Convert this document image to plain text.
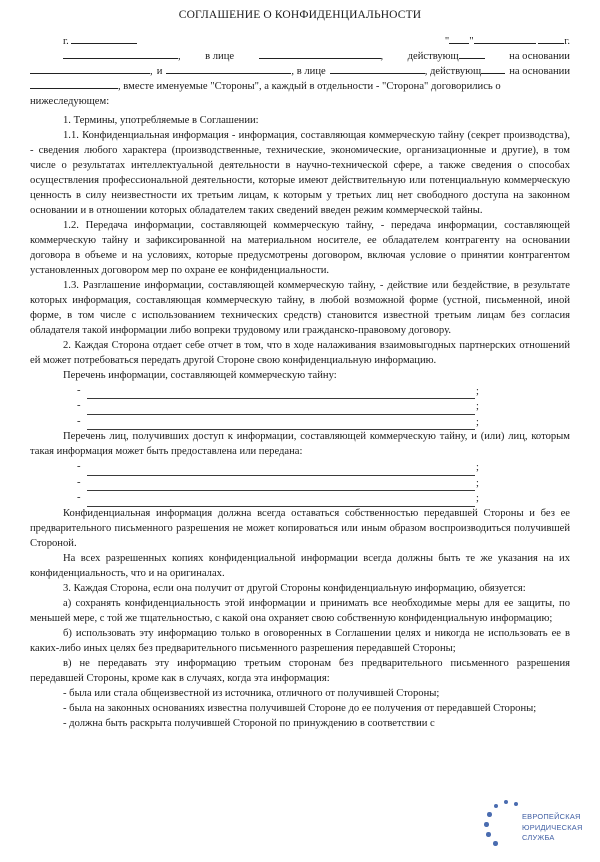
СОГЛАШЕНИЕ О КОНФИДЕНЦИАЛЬНОСТИ
г.	" "	г.
, в лице	, действующ	на основании
, и	, в лице	, действующ	на основании
, вместе именуемые "Стороны", а каждый в отдельности - "Сторона" договорились о нижеследующем:

1. Термины, употребляемые в Соглашении:

1.1. Конфиденциальная информация - информация, составляющая коммерческую тайну (секрет производства), - сведения любого характера (производственные, технические, экономические, организационные и другие), в том числе о результатах интеллектуальной деятельности в научно-технической сфере, а также сведения о способах осуществления профессиональной деятельности, которые имеют действительную или потенциальную коммерческую ценность в силу неизвестности их третьим лицам, к которым у третьих лиц нет свободного доступа на законном основании и в отношении которых обладателем таких сведений введен режим коммерческой тайны.

1.2. Передача информации, составляющей коммерческую тайну, - передача информации, составляющей коммерческую тайну и зафиксированной на материальном носителе, ее обладателем контрагенту на основании договора в объеме и на условиях, которые предусмотрены договором, включая условие о принятии контрагентом установленных договором мер по охране ее конфиденциальности.

1.3. Разглашение информации, составляющей коммерческую тайну, - действие или бездействие, в результате которых информация, составляющая коммерческую тайну, в любой возможной форме (устной, письменной, иной форме, в том числе с использованием технических средств) становится известной третьим лицам без согласия обладателя такой информации либо вопреки трудовому или гражданско-правовому договору.

2. Каждая Сторона отдает себе отчет в том, что в ходе налаживания взаимовыгодных партнерских отношений ей может потребоваться передать другой Стороне свою конфиденциальную информацию.

Перечень информации, составляющей коммерческую тайну:

-	;
-	;
-	;

Перечень лиц, получивших доступ к информации, составляющей коммерческую тайну, и (или) лиц, которым такая информация может быть предоставлена или передана:

-	;
-	;
-	;

Конфиденциальная информация должна всегда оставаться собственностью передавшей Стороны и без ее предварительного письменного разрешения не может копироваться или иным образом воспроизводиться получившей Стороной.

На всех разрешенных копиях конфиденциальной информации всегда должны быть те же указания на их конфиденциальность, что и на оригиналах.

3. Каждая Сторона, если она получит от другой Стороны конфиденциальную информацию, обязуется:

а) сохранять конфиденциальность этой информации и принимать все необходимые меры для ее защиты, по меньшей мере, с той же тщательностью, с какой она охраняет свою собственную конфиденциальную информацию;

б) использовать эту информацию только в оговоренных в Соглашении целях и никогда не использовать ее в каких-либо иных целях без предварительного письменного разрешения передавшей Стороны;

в) не передавать эту информацию третьим сторонам без предварительного письменного разрешения передавшей Стороны, кроме как в случаях, когда эта информация:

- была или стала общеизвестной из источника, отличного от получившей Стороны;

- была на законных основаниях известна получившей Стороне до ее получения от передавшей Стороны;

- должна быть раскрыта получившей Стороной по принуждению в соответствии с

ЕВРОПЕЙСКАЯ
ЮРИДИЧЕСКАЯ
СЛУЖБА
